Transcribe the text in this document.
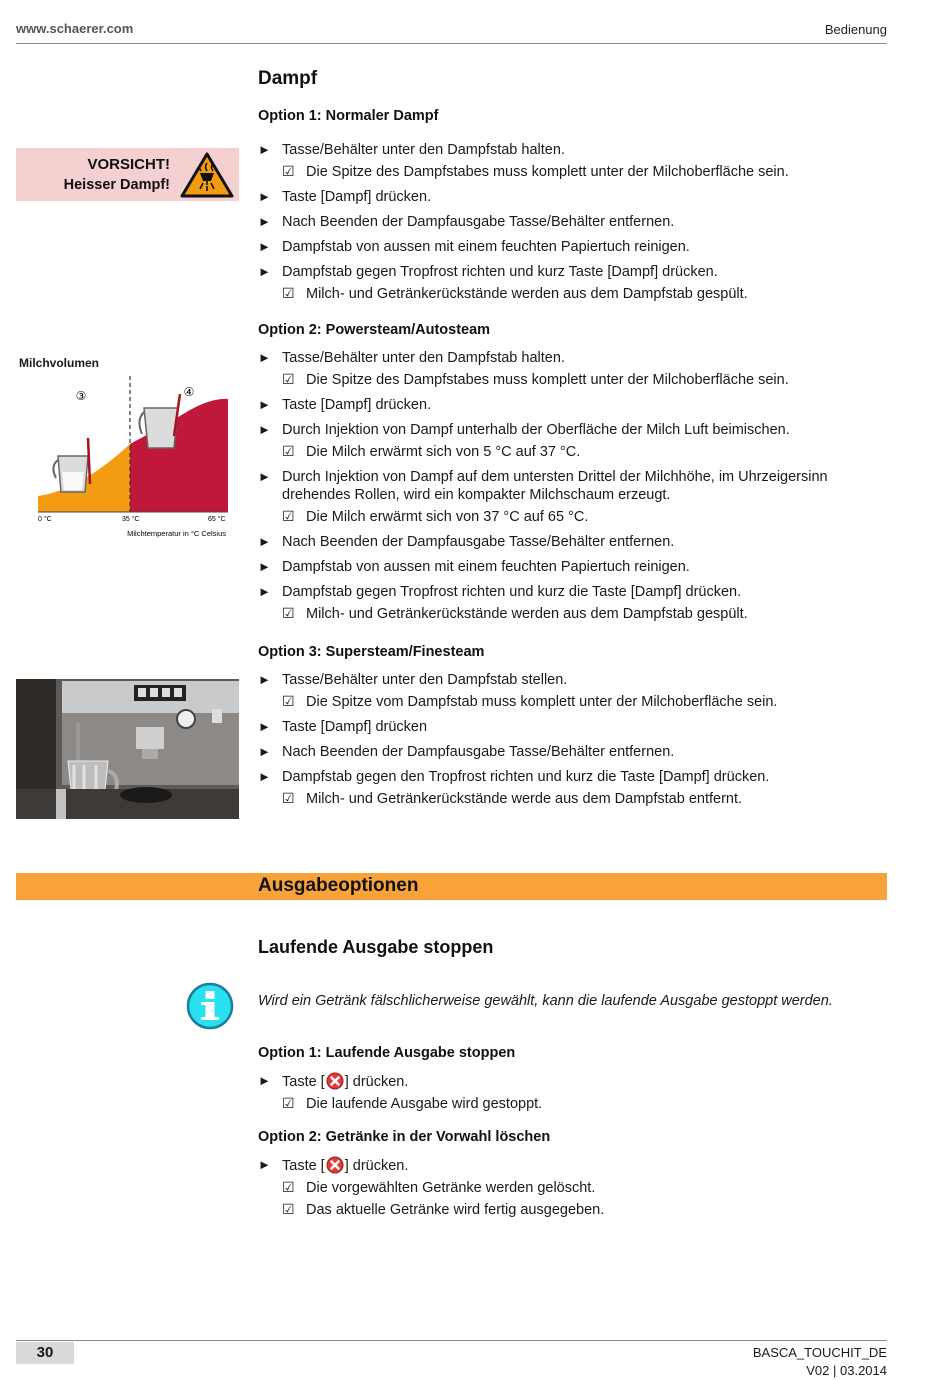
www.schaerer.com	Bedienung
Dampf
Option 1: Normaler Dampf
► Tasse/Behälter unter den Dampfstab halten.
☑ Die Spitze des Dampfstabes muss komplett unter der Milchoberfläche sein.
► Taste [Dampf] drücken.
► Nach Beenden der Dampfausgabe Tasse/Behälter entfernen.
► Dampfstab von aussen mit einem feuchten Papiertuch reinigen.
► Dampfstab gegen Tropfrost richten und kurz Taste [Dampf] drücken.
☑ Milch- und Getränkerückstände werden aus dem Dampfstab gespült.
Option 2: Powersteam/Autosteam
► Tasse/Behälter unter den Dampfstab halten.
☑ Die Spitze des Dampfstabes muss komplett unter der Milchoberfläche sein.
► Taste [Dampf] drücken.
► Durch Injektion von Dampf unterhalb der Oberfläche der Milch Luft beimischen.
☑ Die Milch erwärmt sich von 5 °C auf 37 °C.
► Durch Injektion von Dampf auf dem untersten Drittel der Milchhöhe, im Uhrzeigersinn drehendes Rollen, wird ein kompakter Milchschaum erzeugt.
☑ Die Milch erwärmt sich von 37 °C auf 65 °C.
► Nach Beenden der Dampfausgabe Tasse/Behälter entfernen.
► Dampfstab von aussen mit einem feuchten Papiertuch reinigen.
► Dampfstab gegen Tropfrost richten und kurz die Taste [Dampf] drücken.
☑ Milch- und Getränkerückstände werden aus dem Dampfstab gespült.
Option 3: Supersteam/Finesteam
► Tasse/Behälter unter den Dampfstab stellen.
☑ Die Spitze vom Dampfstab muss komplett unter der Milchoberfläche sein.
► Taste [Dampf] drücken
► Nach Beenden der Dampfausgabe Tasse/Behälter entfernen.
► Dampfstab gegen den Tropfrost richten und kurz die Taste [Dampf] drücken.
☑ Milch- und Getränkerückstände werde aus dem Dampfstab entfernt.
VORSICHT!
Heisser Dampf!
Milchvolumen
③	④
0 °C	35 °C	65 °C
Milchtemperatur in °C Celsius
Ausgabeoptionen
Laufende Ausgabe stoppen
Wird ein Getränk fälschlicherweise gewählt, kann die laufende Ausgabe gestoppt werden.
Option 1: Laufende Ausgabe stoppen
► Taste [ ] drücken.
☑ Die laufende Ausgabe wird gestoppt.
Option 2: Getränke in der Vorwahl löschen
► Taste [ ] drücken.
☑ Die vorgewählten Getränke werden gelöscht.
☑ Das aktuelle Getränke wird fertig ausgegeben.
30	BASCA_TOUCHIT_DE
V02 | 03.2014
